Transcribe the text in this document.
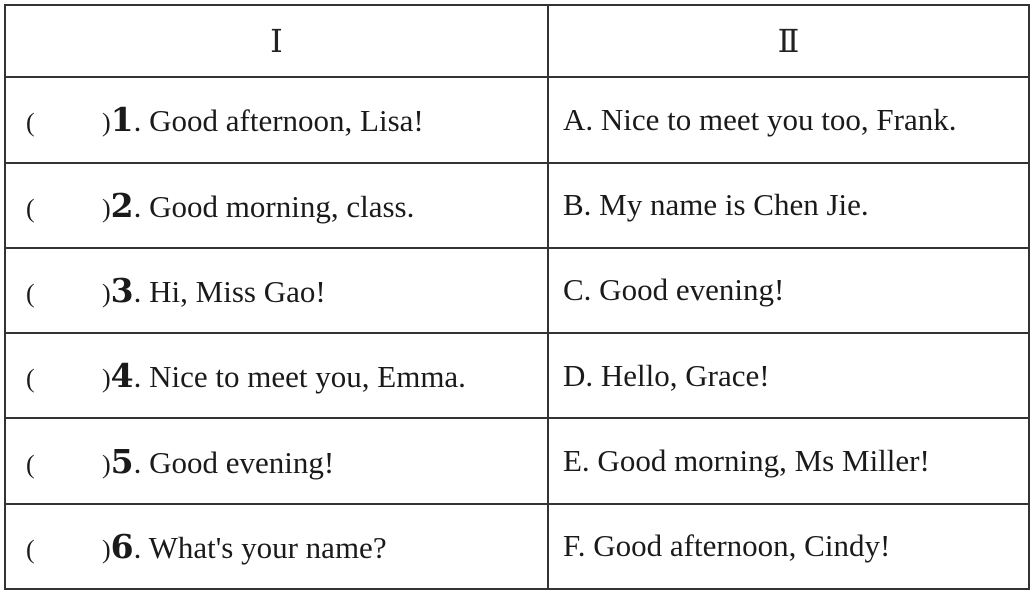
Ⅰ	Ⅱ
( )1. Good afternoon, Lisa!	A. Nice to meet you too, Frank.
( )2. Good morning, class.	B. My name is Chen Jie.
( )3. Hi, Miss Gao!	C. Good evening!
( )4. Nice to meet you, Emma.	D. Hello, Grace!
( )5. Good evening!	E. Good morning, Ms Miller!
( )6. What's your name?	F. Good afternoon, Cindy!
